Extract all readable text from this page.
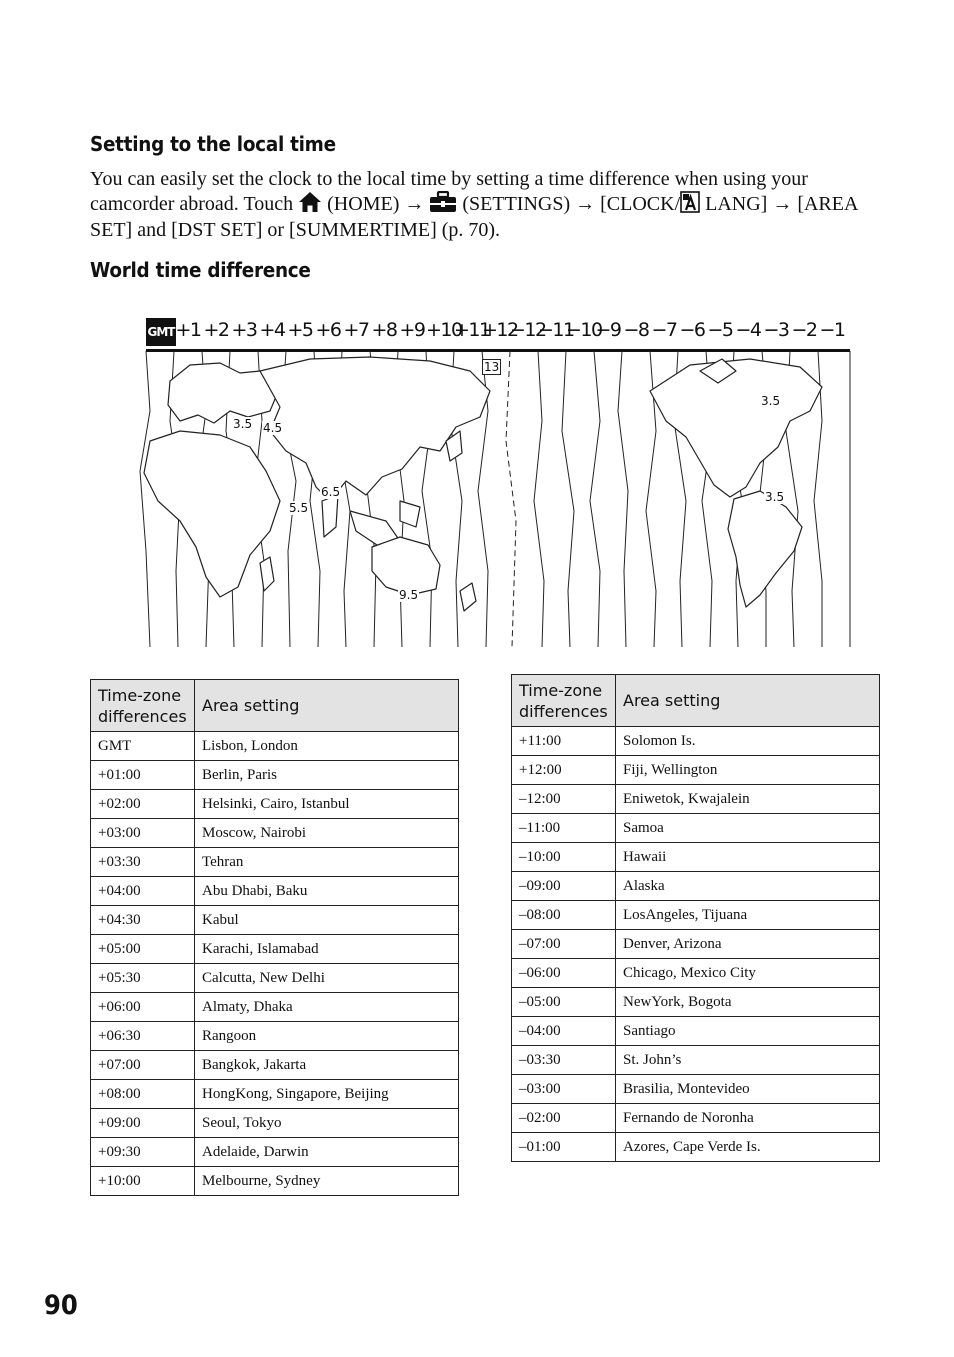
Setting to the local time
You can easily set the clock to the local time by setting a time difference when using your camcorder abroad. Touch  (HOME) →  (SETTINGS) → [CLOCK/ LANG] → [AREA SET] and [DST SET] or [SUMMERTIME] (p. 70).
World time difference
GMT +1 +2 +3 +4 +5 +6 +7 +8 +9 +10
+11
+12
−12
−11
−10
−9 −8 −7 −6 −5 −4 −3 −2 −1
3.5 4.5
5.5
6.5
9.5
13
3.5
3.5
Time-zone differences	Area setting
GMT	Lisbon, London
+01:00	Berlin, Paris
+02:00	Helsinki, Cairo, Istanbul
+03:00	Moscow, Nairobi
+03:30	Tehran
+04:00	Abu Dhabi, Baku
+04:30	Kabul
+05:00	Karachi, Islamabad
+05:30	Calcutta, New Delhi
+06:00	Almaty, Dhaka
+06:30	Rangoon
+07:00	Bangkok, Jakarta
+08:00	HongKong, Singapore, Beijing
+09:00	Seoul, Tokyo
+09:30	Adelaide, Darwin
+10:00	Melbourne, Sydney
Time-zone differences	Area setting
+11:00	Solomon Is.
+12:00	Fiji, Wellington
–12:00	Eniwetok, Kwajalein
–11:00	Samoa
–10:00	Hawaii
–09:00	Alaska
–08:00	LosAngeles, Tijuana
–07:00	Denver, Arizona
–06:00	Chicago, Mexico City
–05:00	NewYork, Bogota
–04:00	Santiago
–03:30	St. John’s
–03:00	Brasilia, Montevideo
–02:00	Fernando de Noronha
–01:00	Azores, Cape Verde Is.
90
